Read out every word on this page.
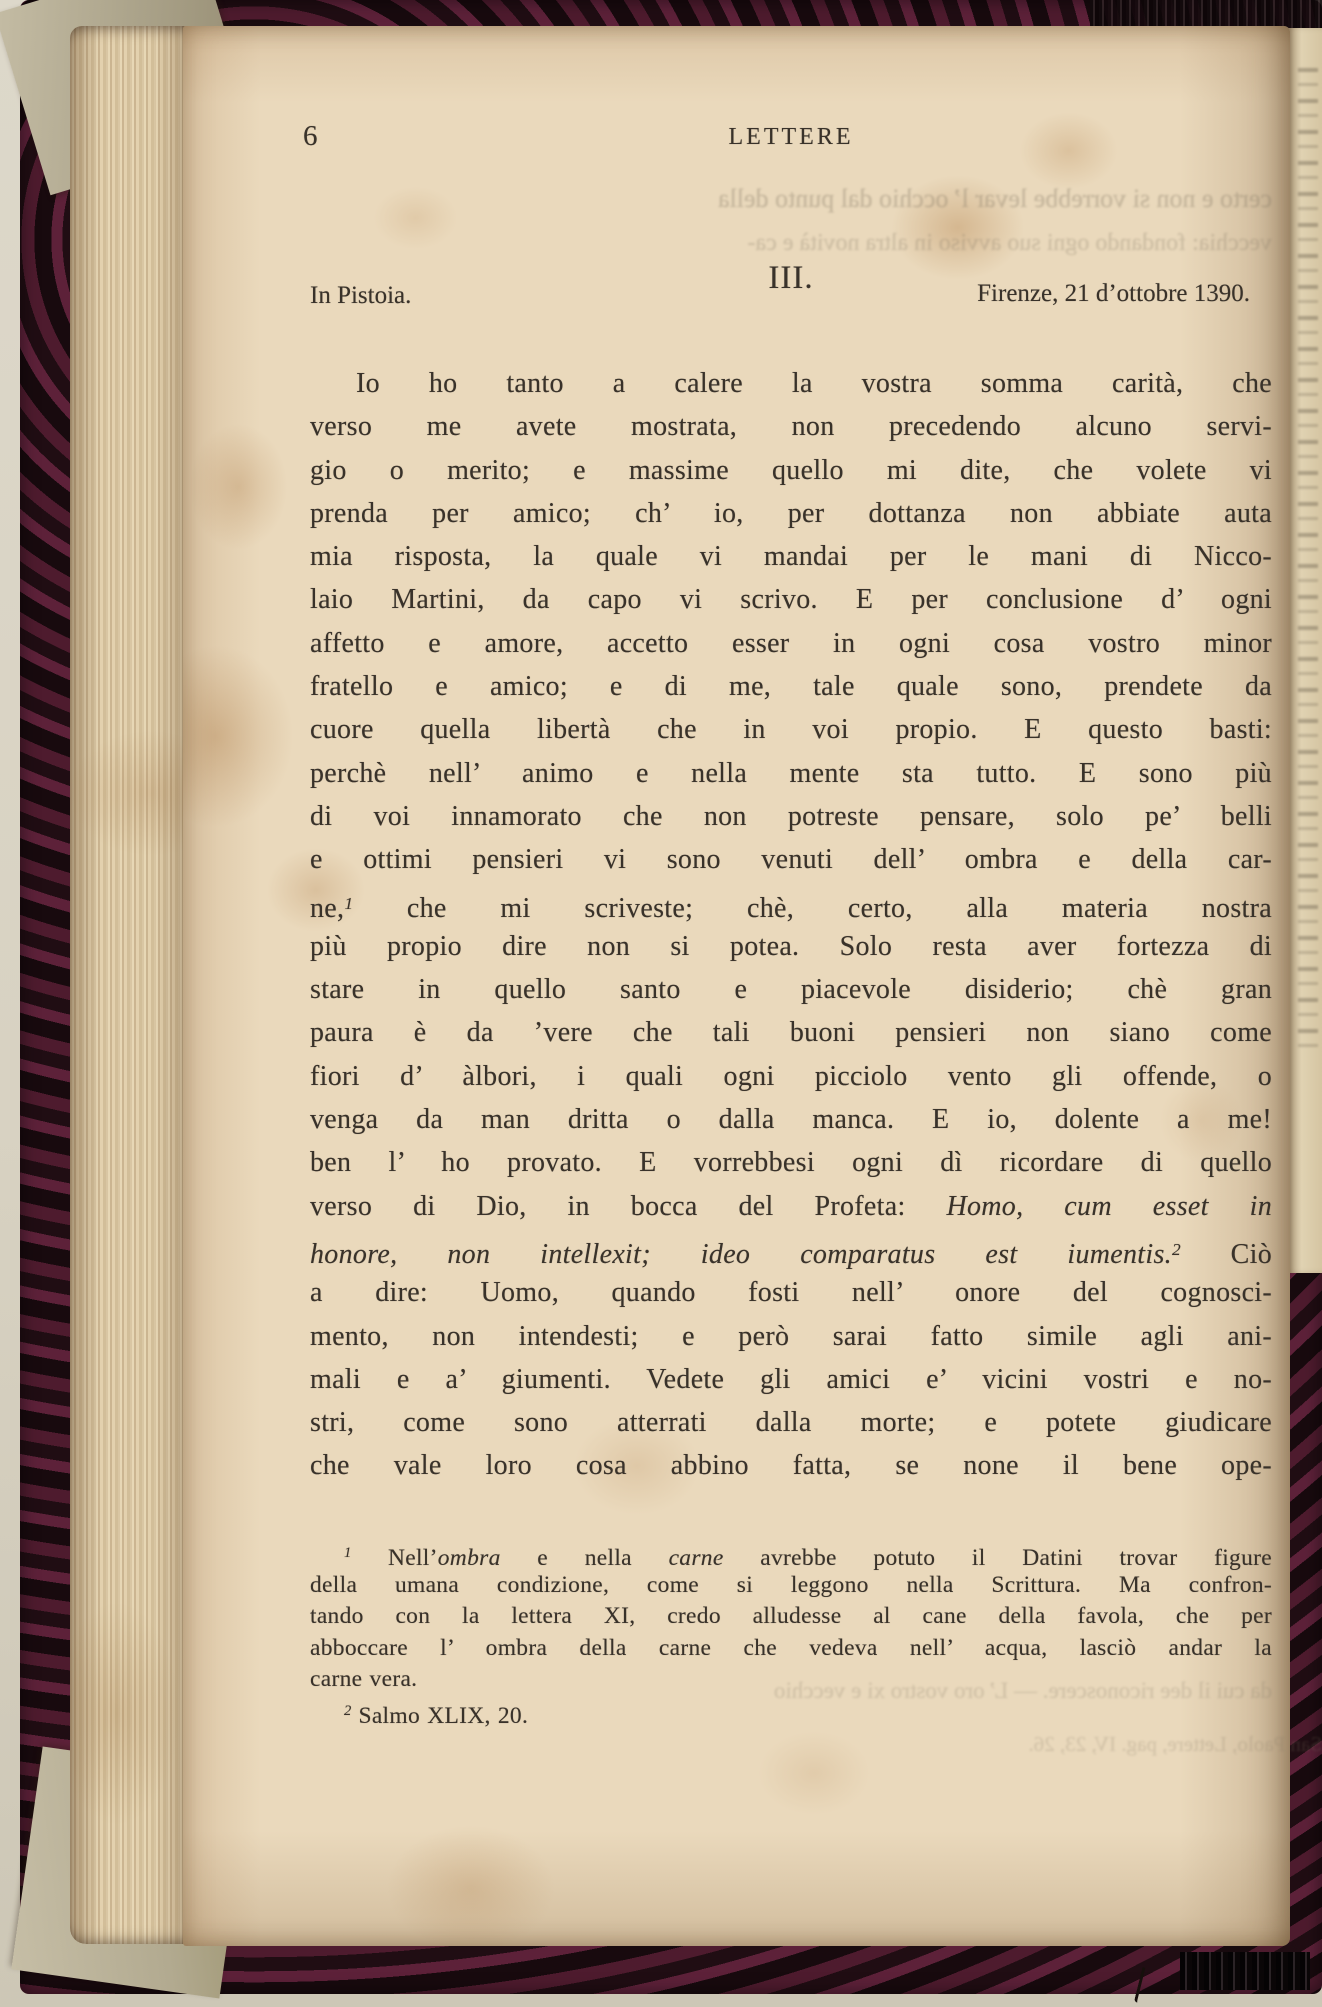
certo e non si vorrebbe levar l’ occhio dal punto della
vecchia: fondando ogni suo avviso in altra novità e ca-
da cui il dee riconoscere. — L’ oro vostro xi e vecchio
San Paolo, Lettere, pag. IV, 23, 26.
6	LETTERE
In Pistoia.	III.	Firenze, 21 d’ottobre 1390.
Io ho tanto a calere la vostra somma carità, che
verso me avete mostrata, non precedendo alcuno servi-
gio o merito; e massime quello mi dite, che volete vi
prenda per amico; ch’ io, per dottanza non abbiate auta
mia risposta, la quale vi mandai per le mani di Nicco-
laio Martini, da capo vi scrivo. E per conclusione d’ ogni
affetto e amore, accetto esser in ogni cosa vostro minor
fratello e amico; e di me, tale quale sono, prendete da
cuore quella libertà che in voi propio. E questo basti:
perchè nell’ animo e nella mente sta tutto. E sono più
di voi innamorato che non potreste pensare, solo pe’ belli
e ottimi pensieri vi sono venuti dell’ ombra e della car-
ne,$^1$ che mi scriveste; chè, certo, alla materia nostra
più propio dire non si potea. Solo resta aver fortezza di
stare in quello santo e piacevole disiderio; chè gran
paura è da ’vere che tali buoni pensieri non siano come
fiori d’ àlbori, i quali ogni picciolo vento gli offende, o
venga da man dritta o dalla manca. E io, dolente a me!
ben l’ ho provato. E vorrebbesi ogni dì ricordare di quello
verso di Dio, in bocca del Profeta: Homo, cum esset in
honore, non intellexit; ideo comparatus est iumentis.$^2$ Ciò
a dire: Uomo, quando fosti nell’ onore del cognosci-
mento, non intendesti; e però sarai fatto simile agli ani-
mali e a’ giumenti. Vedete gli amici e’ vicini vostri e no-
stri, come sono atterrati dalla morte; e potete giudicare
che vale loro cosa abbino fatta, se none il bene ope-
$^1$ Nell’ombra e nella carne avrebbe potuto il Datini trovar figure
della umana condizione, come si leggono nella Scrittura. Ma confron-
tando con la lettera XI, credo alludesse al cane della favola, che per
abboccare l’ ombra della carne che vedeva nell’ acqua, lasciò andar la
carne vera.
$^2$ Salmo XLIX, 20.
